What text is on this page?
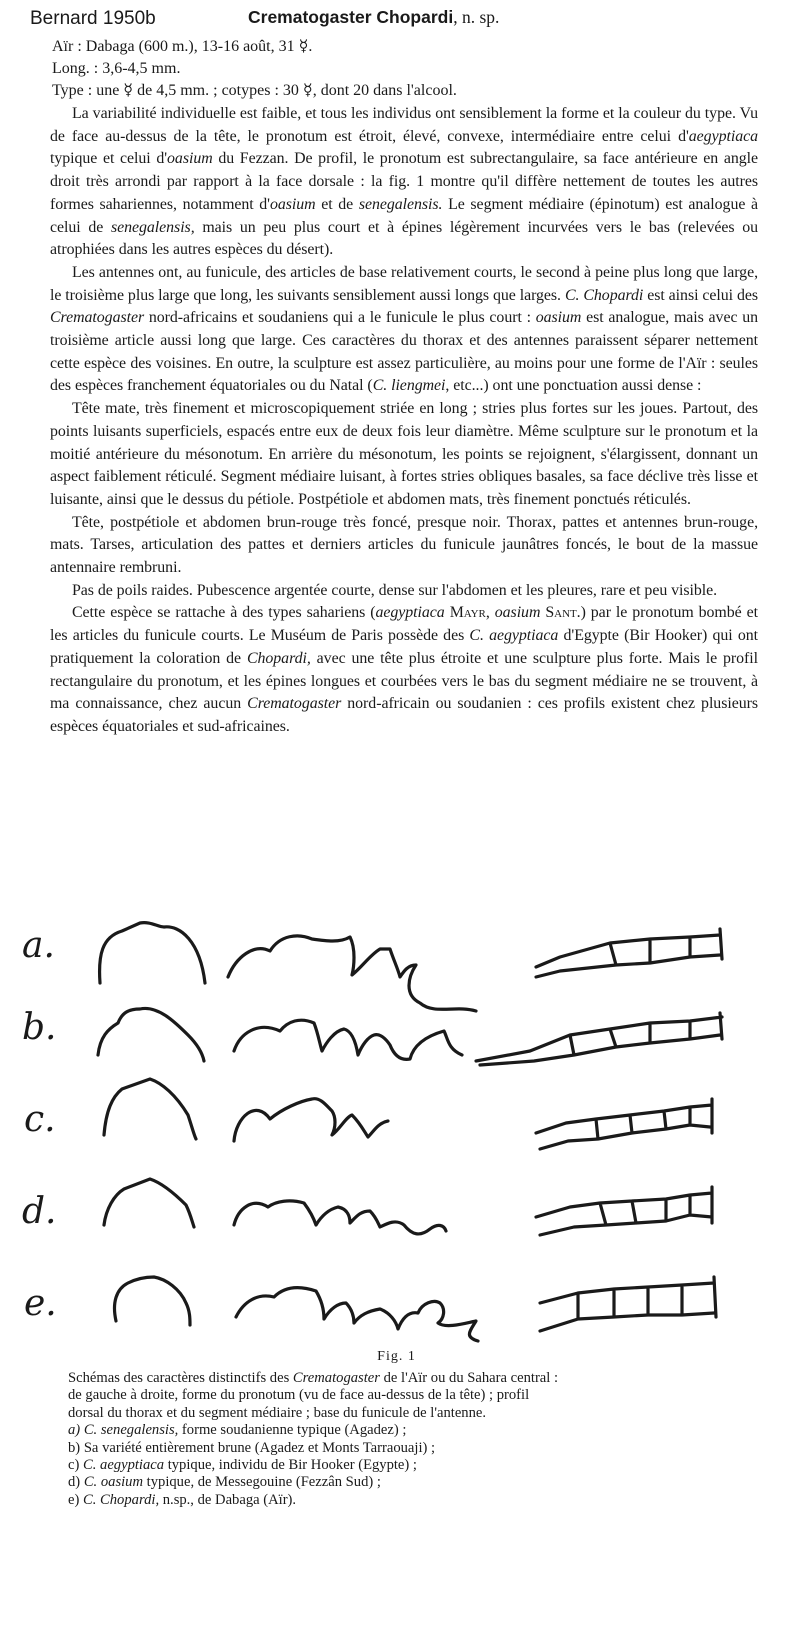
Bernard 1950b	Crematogaster Chopardi, n. sp.
Aïr : Dabaga (600 m.), 13-16 août, 31 ☿.
Long. : 3,6-4,5 mm.
Type : une ☿ de 4,5 mm. ; cotypes : 30 ☿, dont 20 dans l'alcool.

La variabilité individuelle est faible, et tous les individus ont sensiblement la forme et la couleur du type. Vu de face au-dessus de la tête, le pronotum est étroit, élevé, convexe, intermédiaire entre celui d'aegyptiaca typique et celui d'oasium du Fezzan. De profil, le pronotum est subrectangulaire, sa face antérieure en angle droit très arrondi par rapport à la face dorsale : la fig. 1 montre qu'il diffère nettement de toutes les autres formes sahariennes, notamment d'oasium et de senegalensis. Le segment médiaire (épinotum) est analogue à celui de senegalensis, mais un peu plus court et à épines légèrement incurvées vers le bas (relevées ou atrophiées dans les autres espèces du désert).

Les antennes ont, au funicule, des articles de base relativement courts, le second à peine plus long que large, le troisième plus large que long, les suivants sensiblement aussi longs que larges. C. Chopardi est ainsi celui des Crematogaster nord-africains et soudaniens qui a le funicule le plus court : oasium est analogue, mais avec un troisième article aussi long que large. Ces caractères du thorax et des antennes paraissent séparer nettement cette espèce des voisines. En outre, la sculpture est assez particulière, au moins pour une forme de l'Aïr : seules des espèces franchement équatoriales ou du Natal (C. liengmei, etc...) ont une ponctuation aussi dense :

Tête mate, très finement et microscopiquement striée en long ; stries plus fortes sur les joues. Partout, des points luisants superficiels, espacés entre eux de deux fois leur diamètre. Même sculpture sur le pronotum et la moitié antérieure du mésonotum. En arrière du mésonotum, les points se rejoignent, s'élargissent, donnant un aspect faiblement réticulé. Segment médiaire luisant, à fortes stries obliques basales, sa face déclive très lisse et luisante, ainsi que le dessus du pétiole. Postpétiole et abdomen mats, très finement ponctués réticulés.

Tête, postpétiole et abdomen brun-rouge très foncé, presque noir. Thorax, pattes et antennes brun-rouge, mats. Tarses, articulation des pattes et derniers articles du funicule jaunâtres foncés, le bout de la massue antennaire rembruni.

Pas de poils raides. Pubescence argentée courte, dense sur l'abdomen et les pleures, rare et peu visible.

Cette espèce se rattache à des types sahariens (aegyptiaca Mayr, oasium Sant.) par le pronotum bombé et les articles du funicule courts. Le Muséum de Paris possède des C. aegyptiaca d'Egypte (Bir Hooker) qui ont pratiquement la coloration de Chopardi, avec une tête plus étroite et une sculpture plus forte. Mais le profil rectangulaire du pronotum, et les épines longues et courbées vers le bas du segment médiaire ne se trouvent, à ma connaissance, chez aucun Crematogaster nord-africain ou soudanien : ces profils existent chez plusieurs espèces équatoriales et sud-africaines.

a.
b.
c.
d.
e.
Fig. 1
Schémas des caractères distinctifs des Crematogaster de l'Aïr ou du Sahara central :
de gauche à droite, forme du pronotum (vu de face au-dessus de la tête) ; profil
dorsal du thorax et du segment médiaire ; base du funicule de l'antenne.
a) C. senegalensis, forme soudanienne typique (Agadez) ;
b) Sa variété entièrement brune (Agadez et Monts Tarraouaji) ;
c) C. aegyptiaca typique, individu de Bir Hooker (Egypte) ;
d) C. oasium typique, de Messegouine (Fezzân Sud) ;
e) C. Chopardi, n.sp., de Dabaga (Aïr).
